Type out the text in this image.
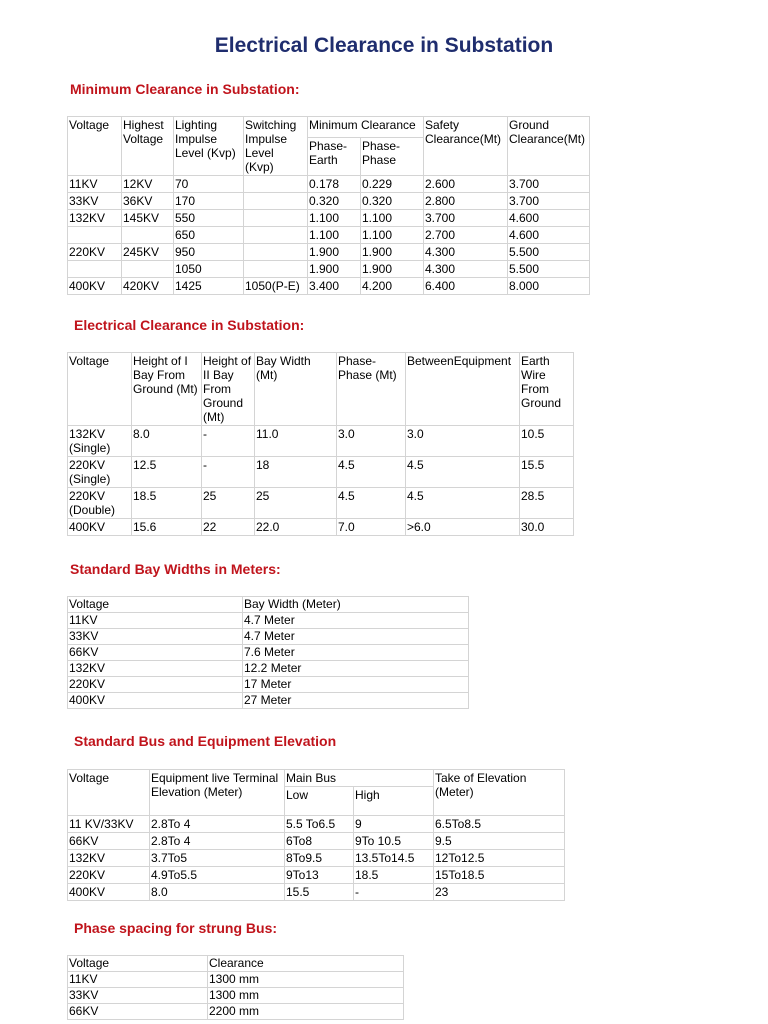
Electrical Clearance in Substation
Minimum Clearance in Substation:
Voltage	Highest Voltage	Lighting Impulse Level (Kvp)	Switching Impulse Level (Kvp)	Minimum Clearance		Safety Clearance(Mt)	Ground Clearance(Mt)
				Phase-Earth	Phase-Phase		
11KV	12KV	70		0.178	0.229	2.600	3.700
33KV	36KV	170		0.320	0.320	2.800	3.700
132KV	145KV	550		1.100	1.100	3.700	4.600
		650		1.100	1.100	2.700	4.600
220KV	245KV	950		1.900	1.900	4.300	5.500
		1050		1.900	1.900	4.300	5.500
400KV	420KV	1425	1050(P-E)	3.400	4.200	6.400	8.000
Electrical Clearance in Substation:
Voltage	Height of I Bay From Ground (Mt)	Height of II Bay From Ground (Mt)	Bay Width (Mt)	Phase-Phase (Mt)	BetweenEquipment	Earth Wire From Ground
132KV (Single)	8.0	-	11.0	3.0	3.0	10.5
220KV (Single)	12.5	-	18	4.5	4.5	15.5
220KV (Double)	18.5	25	25	4.5	4.5	28.5
400KV	15.6	22	22.0	7.0	>6.0	30.0
Standard Bay Widths in Meters:
Voltage	Bay Width (Meter)
11KV	4.7 Meter
33KV	4.7 Meter
66KV	7.6 Meter
132KV	12.2 Meter
220KV	17 Meter
400KV	27 Meter
Standard Bus and Equipment Elevation
Voltage	Equipment live Terminal Elevation (Meter)	Main Bus		Take of Elevation (Meter)
		Low	High	
11 KV/33KV	2.8To 4	5.5 To6.5	9	6.5To8.5
66KV	2.8To 4	6To8	9To 10.5	9.5
132KV	3.7To5	8To9.5	13.5To14.5	12To12.5
220KV	4.9To5.5	9To13	18.5	15To18.5
400KV	8.0	15.5	-	23
Phase spacing for strung Bus:
Voltage	Clearance
11KV	1300 mm
33KV	1300 mm
66KV	2200 mm
